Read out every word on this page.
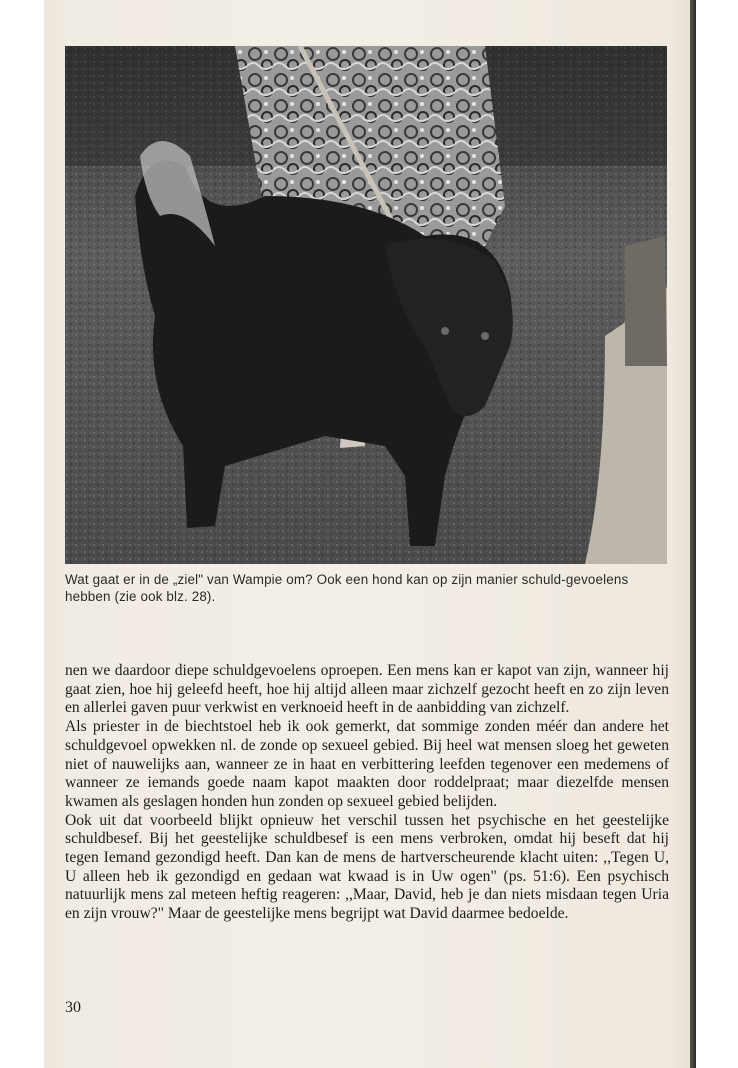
Wat gaat er in de „ziel" van Wampie om? Ook een hond kan op zijn manier schuld-gevoelens hebben (zie ook blz. 28).

nen we daardoor diepe schuldgevoelens oproepen. Een mens kan er kapot van zijn, wanneer hij gaat zien, hoe hij geleefd heeft, hoe hij altijd alleen maar zichzelf gezocht heeft en zo zijn leven en allerlei gaven puur verkwist en verknoeid heeft in de aanbidding van zichzelf.

Als priester in de biechtstoel heb ik ook gemerkt, dat sommige zonden méér dan andere het schuldgevoel opwekken nl. de zonde op sexueel gebied. Bij heel wat mensen sloeg het geweten niet of nauwelijks aan, wanneer ze in haat en verbittering leefden tegenover een medemens of wanneer ze iemands goede naam kapot maakten door roddelpraat; maar diezelfde mensen kwamen als geslagen honden hun zonden op sexueel gebied belijden.

Ook uit dat voorbeeld blijkt opnieuw het verschil tussen het psychische en het geestelijke schuldbesef. Bij het geestelijke schuldbesef is een mens verbroken, omdat hij beseft dat hij tegen Iemand gezondigd heeft. Dan kan de mens de hartverscheurende klacht uiten: ,,Tegen U, U alleen heb ik gezondigd en gedaan wat kwaad is in Uw ogen" (ps. 51:6). Een psychisch natuurlijk mens zal meteen heftig reageren: ,,Maar, David, heb je dan niets misdaan tegen Uria en zijn vrouw?" Maar de geestelijke mens begrijpt wat David daarmee bedoelde.

30
